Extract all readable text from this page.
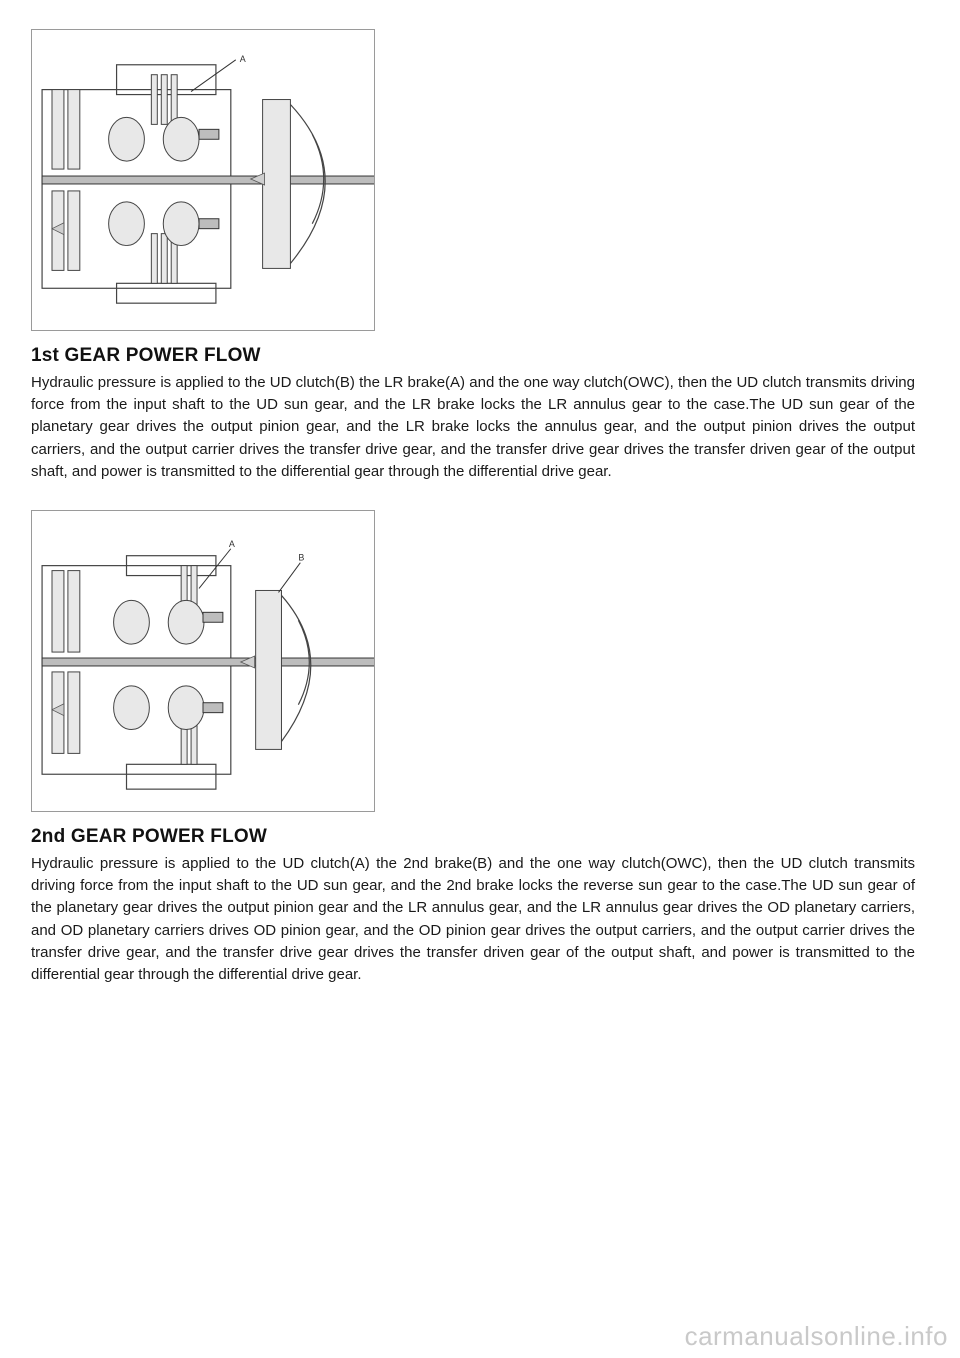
A
1st GEAR POWER FLOW

Hydraulic pressure is applied to the UD clutch(B) the LR brake(A) and the one way clutch(OWC), then the UD clutch transmits driving force from the input shaft to the UD sun gear, and the LR brake locks the LR annulus gear to the case.The UD sun gear of the planetary gear drives the output pinion gear, and the LR brake locks the annulus gear, and the output pinion drives the output carriers, and the output carrier drives the transfer drive gear, and the transfer drive gear drives the transfer driven gear of the output shaft, and power is transmitted to the differential gear through the differential drive gear.

A
B
2nd GEAR POWER FLOW

Hydraulic pressure is applied to the UD clutch(A) the 2nd brake(B) and the one way clutch(OWC), then the UD clutch transmits driving force from the input shaft to the UD sun gear, and the 2nd brake locks the reverse sun gear to the case.The UD sun gear of the planetary gear drives the output pinion gear and the LR annulus gear, and the LR annulus gear drives the OD planetary carriers, and OD planetary carriers drives OD pinion gear, and the OD pinion gear drives the output carriers, and the output carrier drives the transfer drive gear, and the transfer drive gear drives the transfer driven gear of the output shaft, and power is transmitted to the differential gear through the differential drive gear.

carmanualsonline.info
